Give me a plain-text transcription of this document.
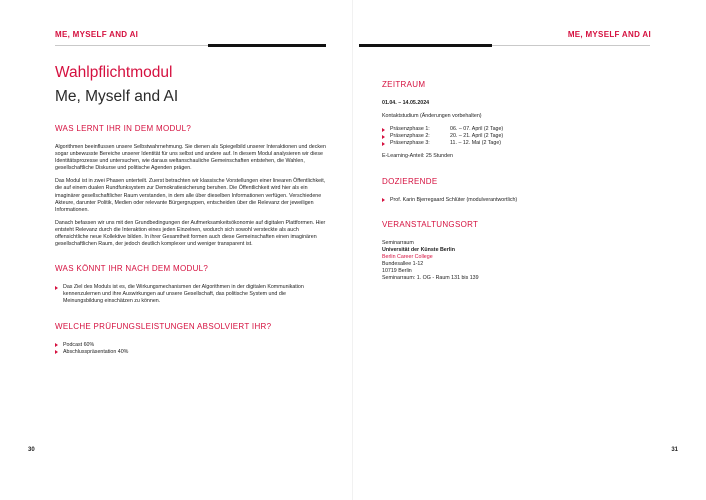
ME, MYSELF AND AI
Wahlpflichtmodul
Me, Myself and AI
WAS LERNT IHR IN DEM MODUL?

Algorithmen beeinflussen unsere Selbstwahrnehmung. Sie dienen als Spiegelbild unserer Interaktionen und decken sogar unbewusste Bereiche unserer Identität für uns selbst und andere auf. In diesem Modul analysieren wir diese Identitätsprozesse und untersuchen, wie daraus weltanschauliche Gemeinschaften entstehen, die Wahlen, gesellschaftliche Diskurse und politische Agenden prägen.

Das Modul ist in zwei Phasen unterteilt. Zuerst betrachten wir klassische Vorstellungen einer linearen Öffentlichkeit, die auf einem dualen Rundfunksystem zur Demokratiesicherung beruhen. Die Öffentlichkeit wird hier als ein imaginärer gesellschaftlicher Raum verstanden, in dem alle über dieselben Informationen verfügen. Verschiedene Akteure, darunter Politik, Medien oder relevante Bürgergruppen, entscheiden über die Relevanz der jeweiligen Informationen.

Danach befassen wir uns mit den Grundbedingungen der Aufmerksamkeitsökonomie auf digitalen Plattformen. Hier entsteht Relevanz durch die Interaktion eines jeden Einzelnen, wodurch sich sowohl versteckte als auch offensichtliche neue Kollektive bilden. In ihrer Gesamtheit formen auch diese Gemeinschaften einen imaginären gesellschaftlichen Raum, der jedoch deutlich komplexer und weniger transparent ist.

WAS KÖNNT IHR NACH DEM MODUL?
Das Ziel des Moduls ist es, die Wirkungsmechanismen der Algorithmen in der digitalen Kommunikation kennenzulernen und ihre Auswirkungen auf unsere Gesellschaft, das politische System und die Meinungsbildung einschätzen zu können.
WELCHE PRÜFUNGSLEISTUNGEN ABSOLVIERT IHR?
Podcast 60%
Abschlusspräsentation 40%
30
ME, MYSELF AND AI
ZEITRAUM

01.04. – 14.05.2024

Kontaktstudium (Änderungen vorbehalten)

Präsenzphase 1:	06. – 07. April (2 Tage)
Präsenzphase 2:	20. – 21. April (2 Tage)
Präsenzphase 3:	11. – 12. Mai (2 Tage)

E-Learning-Anteil: 25 Stunden

DOZIERENDE
Prof. Karin Bjerregaard Schlüter (modulverantwortlich)
VERANSTALTUNGSORT

Seminarraum

Universität der Künste Berlin

Berlin Career College

Bundesallee 1-12

10719 Berlin

Seminarraum: 1. OG - Raum 131 bis 139

31
